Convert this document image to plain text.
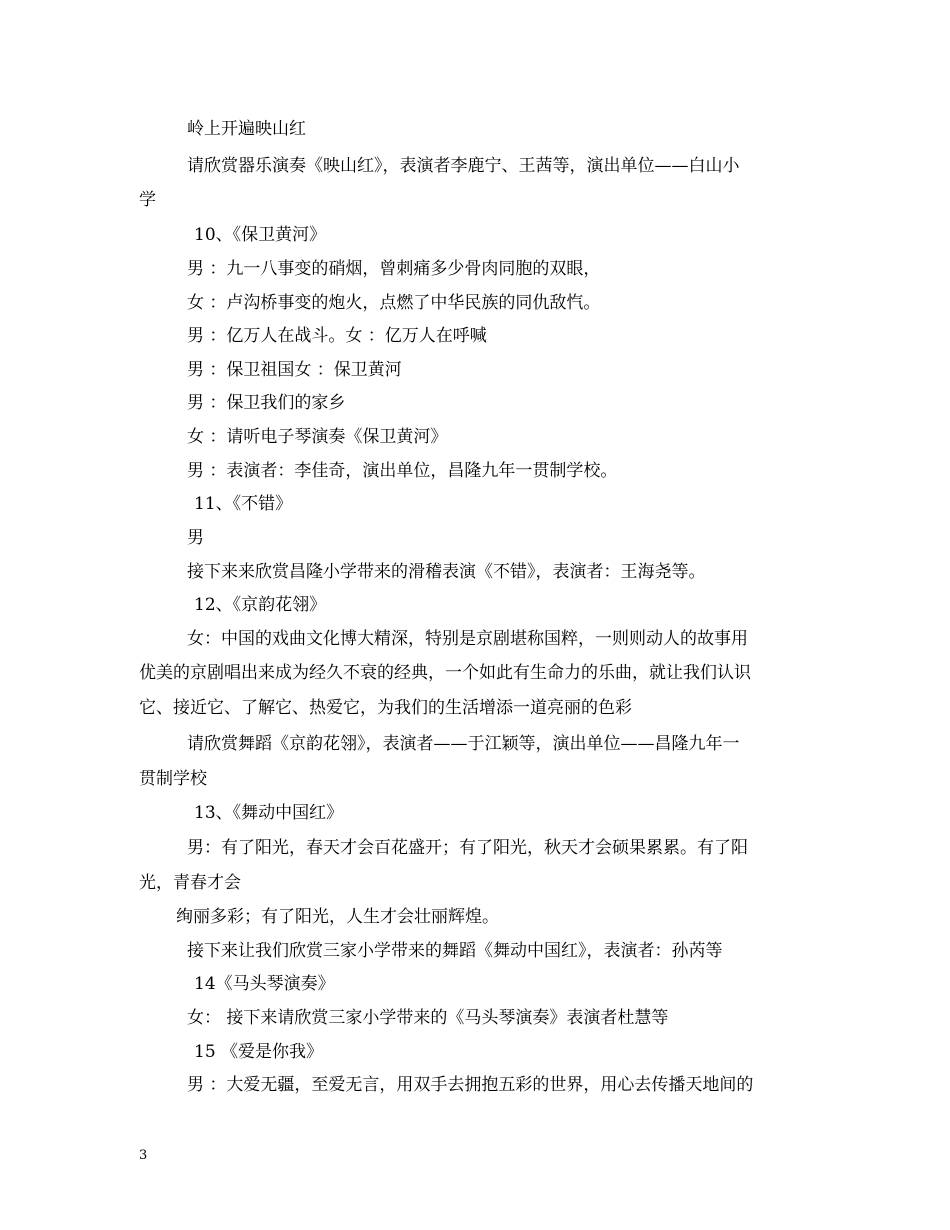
岭上开遍映山红
请欣赏器乐演奏《映山红》，表演者李鹿宁、王茜等，演出单位——白山小
学
10、《保卫黄河》
男 ：九一八事变的硝烟，曾刺痛多少骨肉同胞的双眼，
女 ：卢沟桥事变的炮火，点燃了中华民族的同仇敌忾。
男 ：亿万人在战斗。女 ：亿万人在呼喊
男 ：保卫祖国女 ：保卫黄河
男 ：保卫我们的家乡
女 ：请听电子琴演奏《保卫黄河》
男 ：表演者：李佳奇，演出单位，昌隆九年一贯制学校。
11、《不错》
男
接下来来欣赏昌隆小学带来的滑稽表演《不错》，表演者：王海尧等。
12、《京韵花翎》
女：中国的戏曲文化博大精深，特别是京剧堪称国粹，一则则动人的故事用
优美的京剧唱出来成为经久不衰的经典，一个如此有生命力的乐曲，就让我们认识
它、接近它、了解它、热爱它，为我们的生活增添一道亮丽的色彩
请欣赏舞蹈《京韵花翎》，表演者——于江颖等，演出单位——昌隆九年一
贯制学校
13、《舞动中国红》
男：有了阳光，春天才会百花盛开；有了阳光，秋天才会硕果累累。有了阳
光，青春才会
绚丽多彩；有了阳光，人生才会壮丽辉煌。
接下来让我们欣赏三家小学带来的舞蹈《舞动中国红》，表演者：孙芮等
14《马头琴演奏》
女： 接下来请欣赏三家小学带来的《马头琴演奏》表演者杜慧等
15 《爱是你我》
男 ：大爱无疆，至爱无言，用双手去拥抱五彩的世界，用心去传播天地间的
3
